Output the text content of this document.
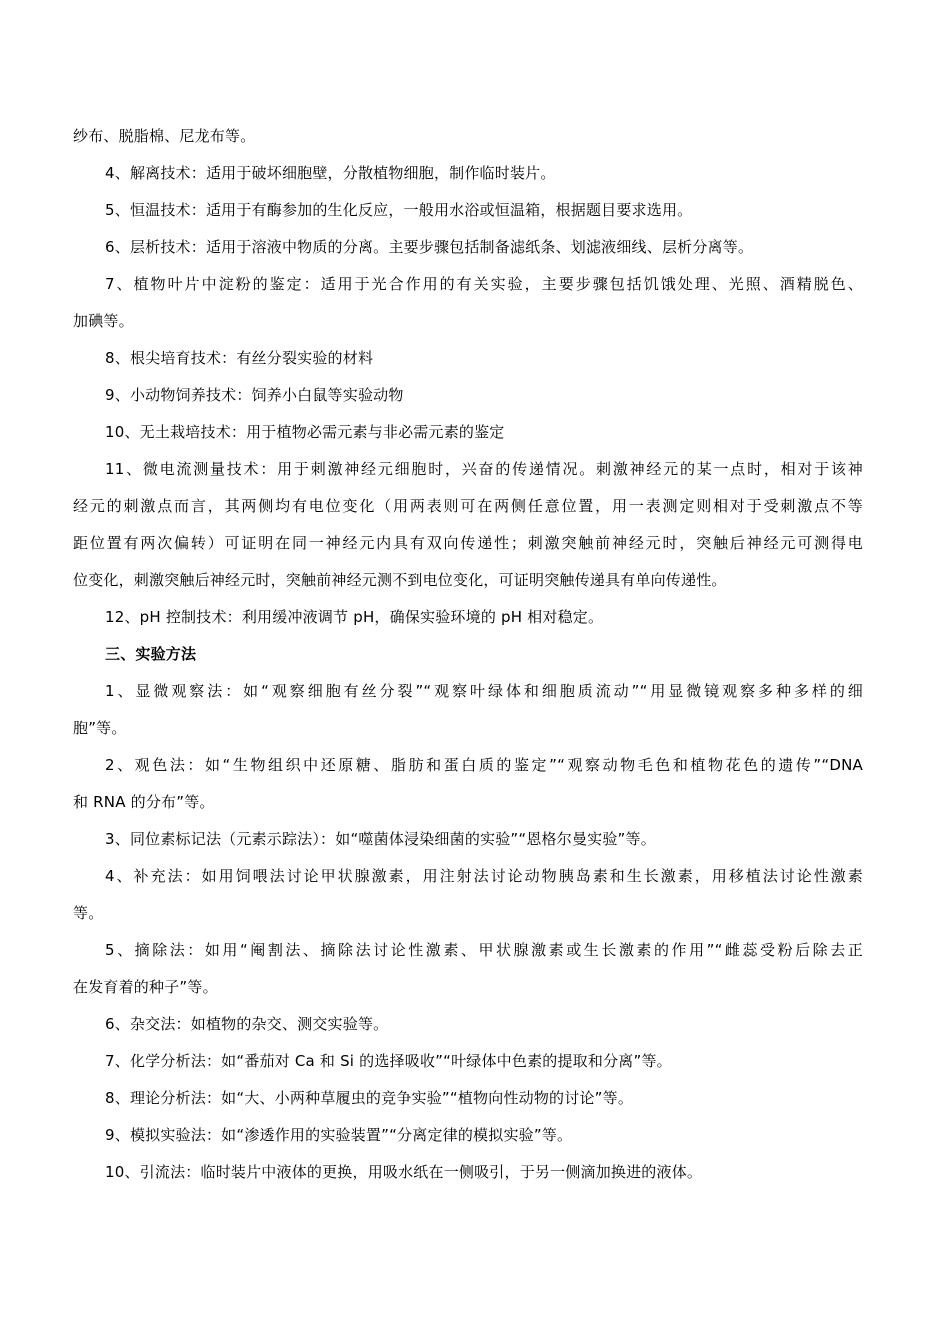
纱布、脱脂棉、尼龙布等。
4、解离技术：适用于破坏细胞壁，分散植物细胞，制作临时装片。
5、恒温技术：适用于有酶参加的生化反应，一般用水浴或恒温箱，根据题目要求选用。
6、层析技术：适用于溶液中物质的分离。主要步骤包括制备滤纸条、划滤液细线、层析分离等。
7、植物叶片中淀粉的鉴定：适用于光合作用的有关实验，主要步骤包括饥饿处理、光照、酒精脱色、
加碘等。
8、根尖培育技术：有丝分裂实验的材料
9、小动物饲养技术：饲养小白鼠等实验动物
10、无土栽培技术：用于植物必需元素与非必需元素的鉴定
11、微电流测量技术：用于刺激神经元细胞时，兴奋的传递情况。刺激神经元的某一点时，相对于该神
经元的刺激点而言，其两侧均有电位变化（用两表则可在两侧任意位置，用一表测定则相对于受刺激点不等
距位置有两次偏转）可证明在同一神经元内具有双向传递性；刺激突触前神经元时，突触后神经元可测得电
位变化，刺激突触后神经元时，突触前神经元测不到电位变化，可证明突触传递具有单向传递性。
12、pH 控制技术：利用缓冲液调节 pH，确保实验环境的 pH 相对稳定。
三、实验方法
1、显微观察法：如“观察细胞有丝分裂”“观察叶绿体和细胞质流动”“用显微镜观察多种多样的细
胞”等。
2、观色法：如“生物组织中还原糖、脂肪和蛋白质的鉴定”“观察动物毛色和植物花色的遗传”“DNA
和 RNA 的分布”等。
3、同位素标记法（元素示踪法）：如“噬菌体浸染细菌的实验”“恩格尔曼实验”等。
4、补充法：如用饲喂法讨论甲状腺激素，用注射法讨论动物胰岛素和生长激素，用移植法讨论性激素
等。
5、摘除法：如用“阉割法、摘除法讨论性激素、甲状腺激素或生长激素的作用”“雌蕊受粉后除去正
在发育着的种子”等。
6、杂交法：如植物的杂交、测交实验等。
7、化学分析法：如“番茄对 Ca 和 Si 的选择吸收”“叶绿体中色素的提取和分离”等。
8、理论分析法：如“大、小两种草履虫的竞争实验”“植物向性动物的讨论”等。
9、模拟实验法：如“渗透作用的实验装置”“分离定律的模拟实验”等。
10、引流法：临时装片中液体的更换，用吸水纸在一侧吸引，于另一侧滴加换进的液体。
